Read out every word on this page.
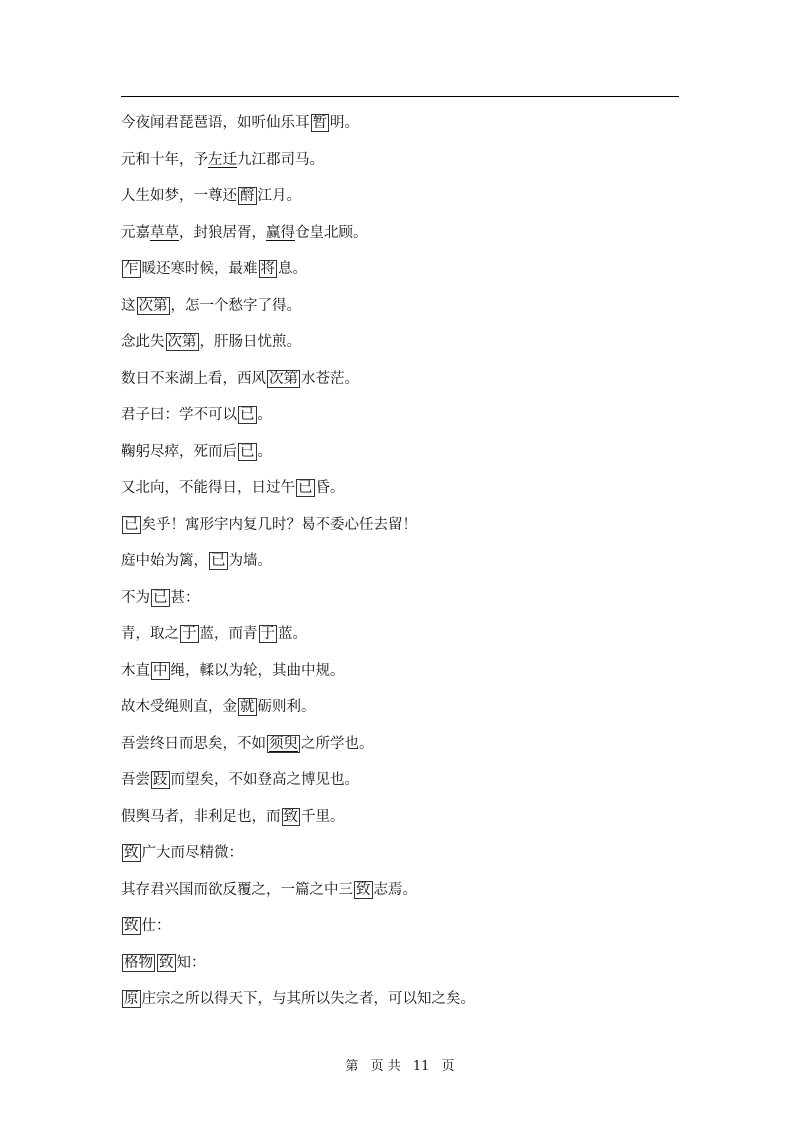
今夜闻君琵琶语，如听仙乐耳 暂 明。
元和十年，予左迁九江郡司马。
人生如梦，一尊还 酹 江月。
元嘉草草，封狼居胥，赢得仓皇北顾。
乍 暖还寒时候，最难 将 息。
这 次第 ，怎一个愁字了得。
念此失 次第 ，肝肠日忧煎。
数日不来湖上看，西风 次第 水苍茫。
君子曰：学不可以 已 。
鞠躬尽瘁，死而后 已 。
又北向，不能得日，日过午 已 昏。
已 矣乎！寓形宇内复几时？曷不委心任去留！
庭中始为篱， 已 为墙。
不为 已 甚：
青，取之 于 蓝，而青 于 蓝。
木直 中 绳，輮以为轮，其曲中规。
故木受绳则直，金 就 砺则利。
吾尝终日而思矣，不如 须臾 之所学也。
吾尝 跂 而望矣，不如登高之博见也。
假舆马者，非利足也，而 致 千里。
致 广大而尽精微：
其存君兴国而欲反覆之，一篇之中三 致 志焉。
致 仕：
格物 致 知：
原 庄宗之所以得天下，与其所以失之者，可以知之矣。
第 页 共 11 页
